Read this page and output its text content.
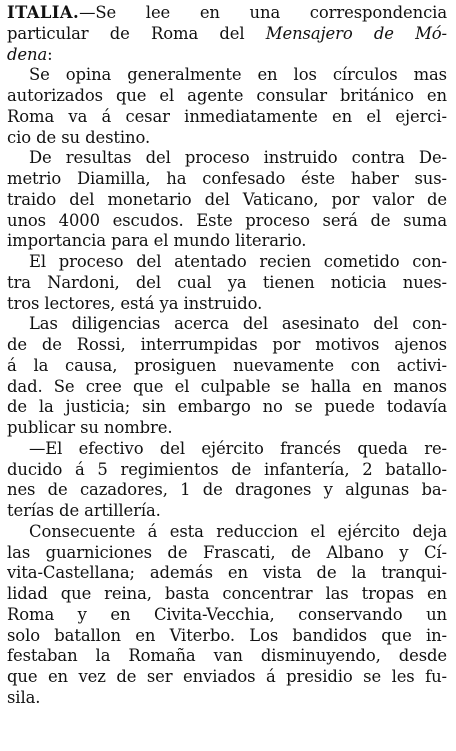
ITALIA.—Se lee en una correspondencia
particular de Roma del Mensajero de Mó-
dena:
Se opina generalmente en los círculos mas
autorizados que el agente consular británico en
Roma va á cesar inmediatamente en el ejerci-
cio de su destino.
De resultas del proceso instruido contra De-
metrio Diamilla, ha confesado éste haber sus-
traido del monetario del Vaticano, por valor de
unos 4000 escudos. Este proceso será de suma
importancia para el mundo literario.
El proceso del atentado recien cometido con-
tra Nardoni, del cual ya tienen noticia nues-
tros lectores, está ya instruido.
Las diligencias acerca del asesinato del con-
de de Rossi, interrumpidas por motivos ajenos
á la causa, prosiguen nuevamente con activi-
dad. Se cree que el culpable se halla en manos
de la justicia; sin embargo no se puede todavía
publicar su nombre.
—El efectivo del ejército francés queda re-
ducido á 5 regimientos de infantería, 2 batallo-
nes de cazadores, 1 de dragones y algunas ba-
terías de artillería.
Consecuente á esta reduccion el ejército deja
las guarniciones de Frascati, de Albano y Cí-
vita-Castellana; además en vista de la tranqui-
lidad que reina, basta concentrar las tropas en
Roma y en Civita-Vecchia, conservando un
solo batallon en Viterbo. Los bandidos que in-
festaban la Romaña van disminuyendo, desde
que en vez de ser enviados á presidio se les fu-
sila.
